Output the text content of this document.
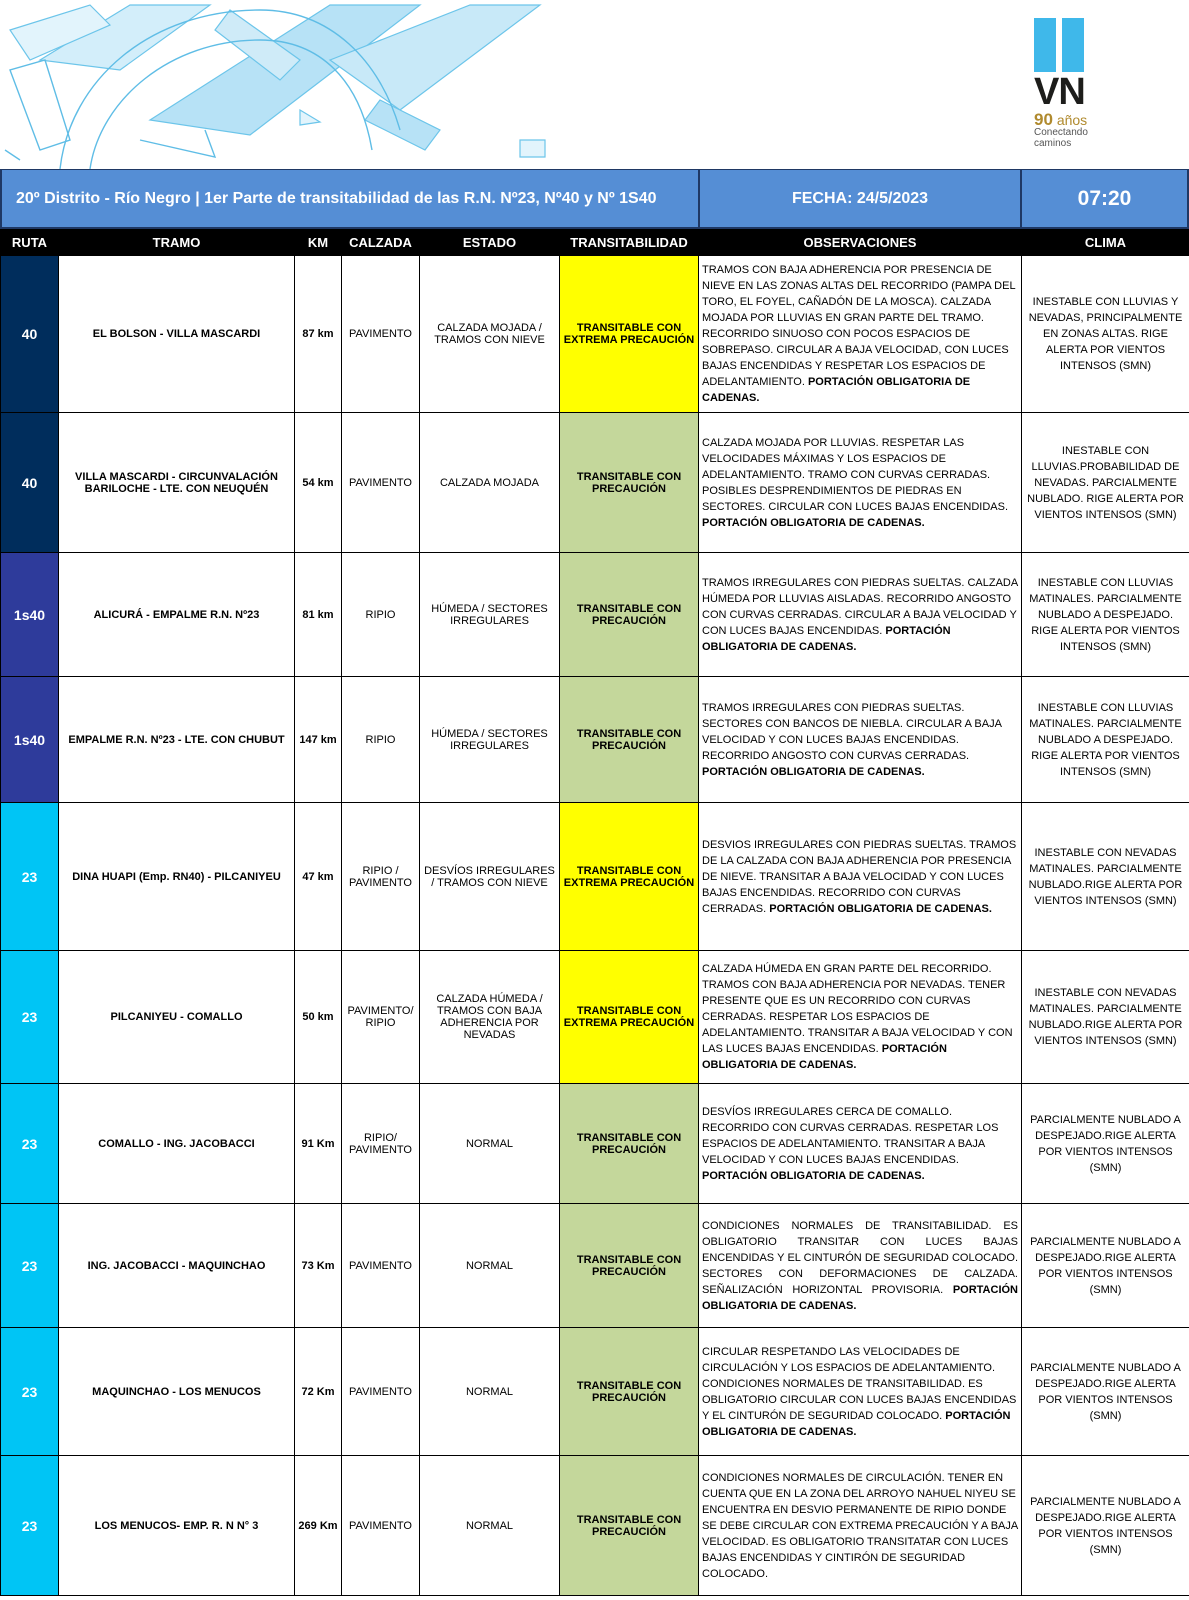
VN
90 años
Conectando caminos
20º Distrito - Río Negro | 1er Parte de transitabilidad de las R.N. Nº23, Nº40 y Nº 1S40	FECHA: 24/5/2023	07:20
RUTA	TRAMO	KM	CALZADA	ESTADO	TRANSITABILIDAD	OBSERVACIONES	CLIMA
40	EL BOLSON - VILLA MASCARDI	87 km	PAVIMENTO	CALZADA MOJADA / TRAMOS CON NIEVE	TRANSITABLE CON EXTREMA PRECAUCIÓN	TRAMOS CON BAJA ADHERENCIA POR PRESENCIA DE NIEVE EN LAS ZONAS ALTAS DEL RECORRIDO (PAMPA DEL TORO, EL FOYEL, CAÑADÓN DE LA MOSCA). CALZADA MOJADA POR LLUVIAS EN GRAN PARTE DEL TRAMO. RECORRIDO SINUOSO CON POCOS ESPACIOS DE SOBREPASO. CIRCULAR A BAJA VELOCIDAD, CON LUCES BAJAS ENCENDIDAS Y RESPETAR LOS ESPACIOS DE ADELANTAMIENTO. PORTACIÓN OBLIGATORIA DE CADENAS.	INESTABLE CON LLUVIAS Y NEVADAS, PRINCIPALMENTE EN ZONAS ALTAS. RIGE ALERTA POR VIENTOS INTENSOS (SMN)
40	VILLA MASCARDI - CIRCUNVALACIÓN BARILOCHE - LTE. CON NEUQUÉN	54 km	PAVIMENTO	CALZADA MOJADA	TRANSITABLE CON PRECAUCIÓN	CALZADA MOJADA POR LLUVIAS. RESPETAR LAS VELOCIDADES MÁXIMAS Y LOS ESPACIOS DE ADELANTAMIENTO. TRAMO CON CURVAS CERRADAS. POSIBLES DESPRENDIMIENTOS DE PIEDRAS EN SECTORES. CIRCULAR CON LUCES BAJAS ENCENDIDAS. PORTACIÓN OBLIGATORIA DE CADENAS.	INESTABLE CON LLUVIAS.PROBABILIDAD DE NEVADAS. PARCIALMENTE NUBLADO. RIGE ALERTA POR VIENTOS INTENSOS (SMN)
1s40	ALICURÁ - EMPALME R.N. Nº23	81 km	RIPIO	HÚMEDA / SECTORES IRREGULARES	TRANSITABLE CON PRECAUCIÓN	TRAMOS IRREGULARES CON PIEDRAS SUELTAS. CALZADA HÚMEDA POR LLUVIAS AISLADAS. RECORRIDO ANGOSTO CON CURVAS CERRADAS. CIRCULAR A BAJA VELOCIDAD Y CON LUCES BAJAS ENCENDIDAS. PORTACIÓN OBLIGATORIA DE CADENAS.	INESTABLE CON LLUVIAS MATINALES. PARCIALMENTE NUBLADO A DESPEJADO. RIGE ALERTA POR VIENTOS INTENSOS (SMN)
1s40	EMPALME R.N. Nº23 - LTE. CON CHUBUT	147 km	RIPIO	HÚMEDA / SECTORES IRREGULARES	TRANSITABLE CON PRECAUCIÓN	TRAMOS IRREGULARES CON PIEDRAS SUELTAS. SECTORES CON BANCOS DE NIEBLA. CIRCULAR A BAJA VELOCIDAD Y CON LUCES BAJAS ENCENDIDAS. RECORRIDO ANGOSTO CON CURVAS CERRADAS. PORTACIÓN OBLIGATORIA DE CADENAS.	INESTABLE CON LLUVIAS MATINALES. PARCIALMENTE NUBLADO A DESPEJADO. RIGE ALERTA POR VIENTOS INTENSOS (SMN)
23	DINA HUAPI (Emp. RN40) - PILCANIYEU	47 km	RIPIO / PAVIMENTO	DESVÍOS IRREGULARES / TRAMOS CON NIEVE	TRANSITABLE CON EXTREMA PRECAUCIÓN	DESVIOS IRREGULARES CON PIEDRAS SUELTAS. TRAMOS DE LA CALZADA CON BAJA ADHERENCIA POR PRESENCIA DE NIEVE. TRANSITAR A BAJA VELOCIDAD Y CON LUCES BAJAS ENCENDIDAS. RECORRIDO CON CURVAS CERRADAS. PORTACIÓN OBLIGATORIA DE CADENAS.	INESTABLE CON NEVADAS MATINALES. PARCIALMENTE NUBLADO.RIGE ALERTA POR VIENTOS INTENSOS (SMN)
23	PILCANIYEU - COMALLO	50 km	PAVIMENTO/ RIPIO	CALZADA HÚMEDA / TRAMOS CON BAJA ADHERENCIA POR NEVADAS	TRANSITABLE CON EXTREMA PRECAUCIÓN	CALZADA HÚMEDA EN GRAN PARTE DEL RECORRIDO. TRAMOS CON BAJA ADHERENCIA POR NEVADAS. TENER PRESENTE QUE ES UN RECORRIDO CON CURVAS CERRADAS. RESPETAR LOS ESPACIOS DE ADELANTAMIENTO. TRANSITAR A BAJA VELOCIDAD Y CON LAS LUCES BAJAS ENCENDIDAS. PORTACIÓN OBLIGATORIA DE CADENAS.	INESTABLE CON NEVADAS MATINALES. PARCIALMENTE NUBLADO.RIGE ALERTA POR VIENTOS INTENSOS (SMN)
23	COMALLO - ING. JACOBACCI	91 Km	RIPIO/ PAVIMENTO	NORMAL	TRANSITABLE CON PRECAUCIÓN	DESVÍOS IRREGULARES CERCA DE COMALLO. RECORRIDO CON CURVAS CERRADAS. RESPETAR LOS ESPACIOS DE ADELANTAMIENTO. TRANSITAR A BAJA VELOCIDAD Y CON LUCES BAJAS ENCENDIDAS. PORTACIÓN OBLIGATORIA DE CADENAS.	PARCIALMENTE NUBLADO A DESPEJADO.RIGE ALERTA POR VIENTOS INTENSOS (SMN)
23	ING. JACOBACCI - MAQUINCHAO	73 Km	PAVIMENTO	NORMAL	TRANSITABLE CON PRECAUCIÓN	CONDICIONES NORMALES DE TRANSITABILIDAD. ES OBLIGATORIO TRANSITAR CON LUCES BAJAS ENCENDIDAS Y EL CINTURÓN DE SEGURIDAD COLOCADO. SECTORES CON DEFORMACIONES DE CALZADA. SEÑALIZACIÓN HORIZONTAL PROVISORIA. PORTACIÓN OBLIGATORIA DE CADENAS.	PARCIALMENTE NUBLADO A DESPEJADO.RIGE ALERTA POR VIENTOS INTENSOS (SMN)
23	MAQUINCHAO - LOS MENUCOS	72 Km	PAVIMENTO	NORMAL	TRANSITABLE CON PRECAUCIÓN	CIRCULAR RESPETANDO LAS VELOCIDADES DE CIRCULACIÓN Y LOS ESPACIOS DE ADELANTAMIENTO. CONDICIONES NORMALES DE TRANSITABILIDAD. ES OBLIGATORIO CIRCULAR CON LUCES BAJAS ENCENDIDAS Y EL CINTURÓN DE SEGURIDAD COLOCADO. PORTACIÓN OBLIGATORIA DE CADENAS.	PARCIALMENTE NUBLADO A DESPEJADO.RIGE ALERTA POR VIENTOS INTENSOS (SMN)
23	LOS MENUCOS- EMP. R. N N° 3	269 Km	PAVIMENTO	NORMAL	TRANSITABLE CON PRECAUCIÓN	CONDICIONES NORMALES DE CIRCULACIÓN. TENER EN CUENTA QUE EN LA ZONA DEL ARROYO NAHUEL NIYEU SE ENCUENTRA EN DESVIO PERMANENTE DE RIPIO DONDE SE DEBE CIRCULAR CON EXTREMA PRECAUCIÓN Y A BAJA VELOCIDAD. ES OBLIGATORIO TRANSITATAR CON LUCES BAJAS ENCENDIDAS Y CINTIRÓN DE SEGURIDAD COLOCADO.	PARCIALMENTE NUBLADO A DESPEJADO.RIGE ALERTA POR VIENTOS INTENSOS (SMN)
